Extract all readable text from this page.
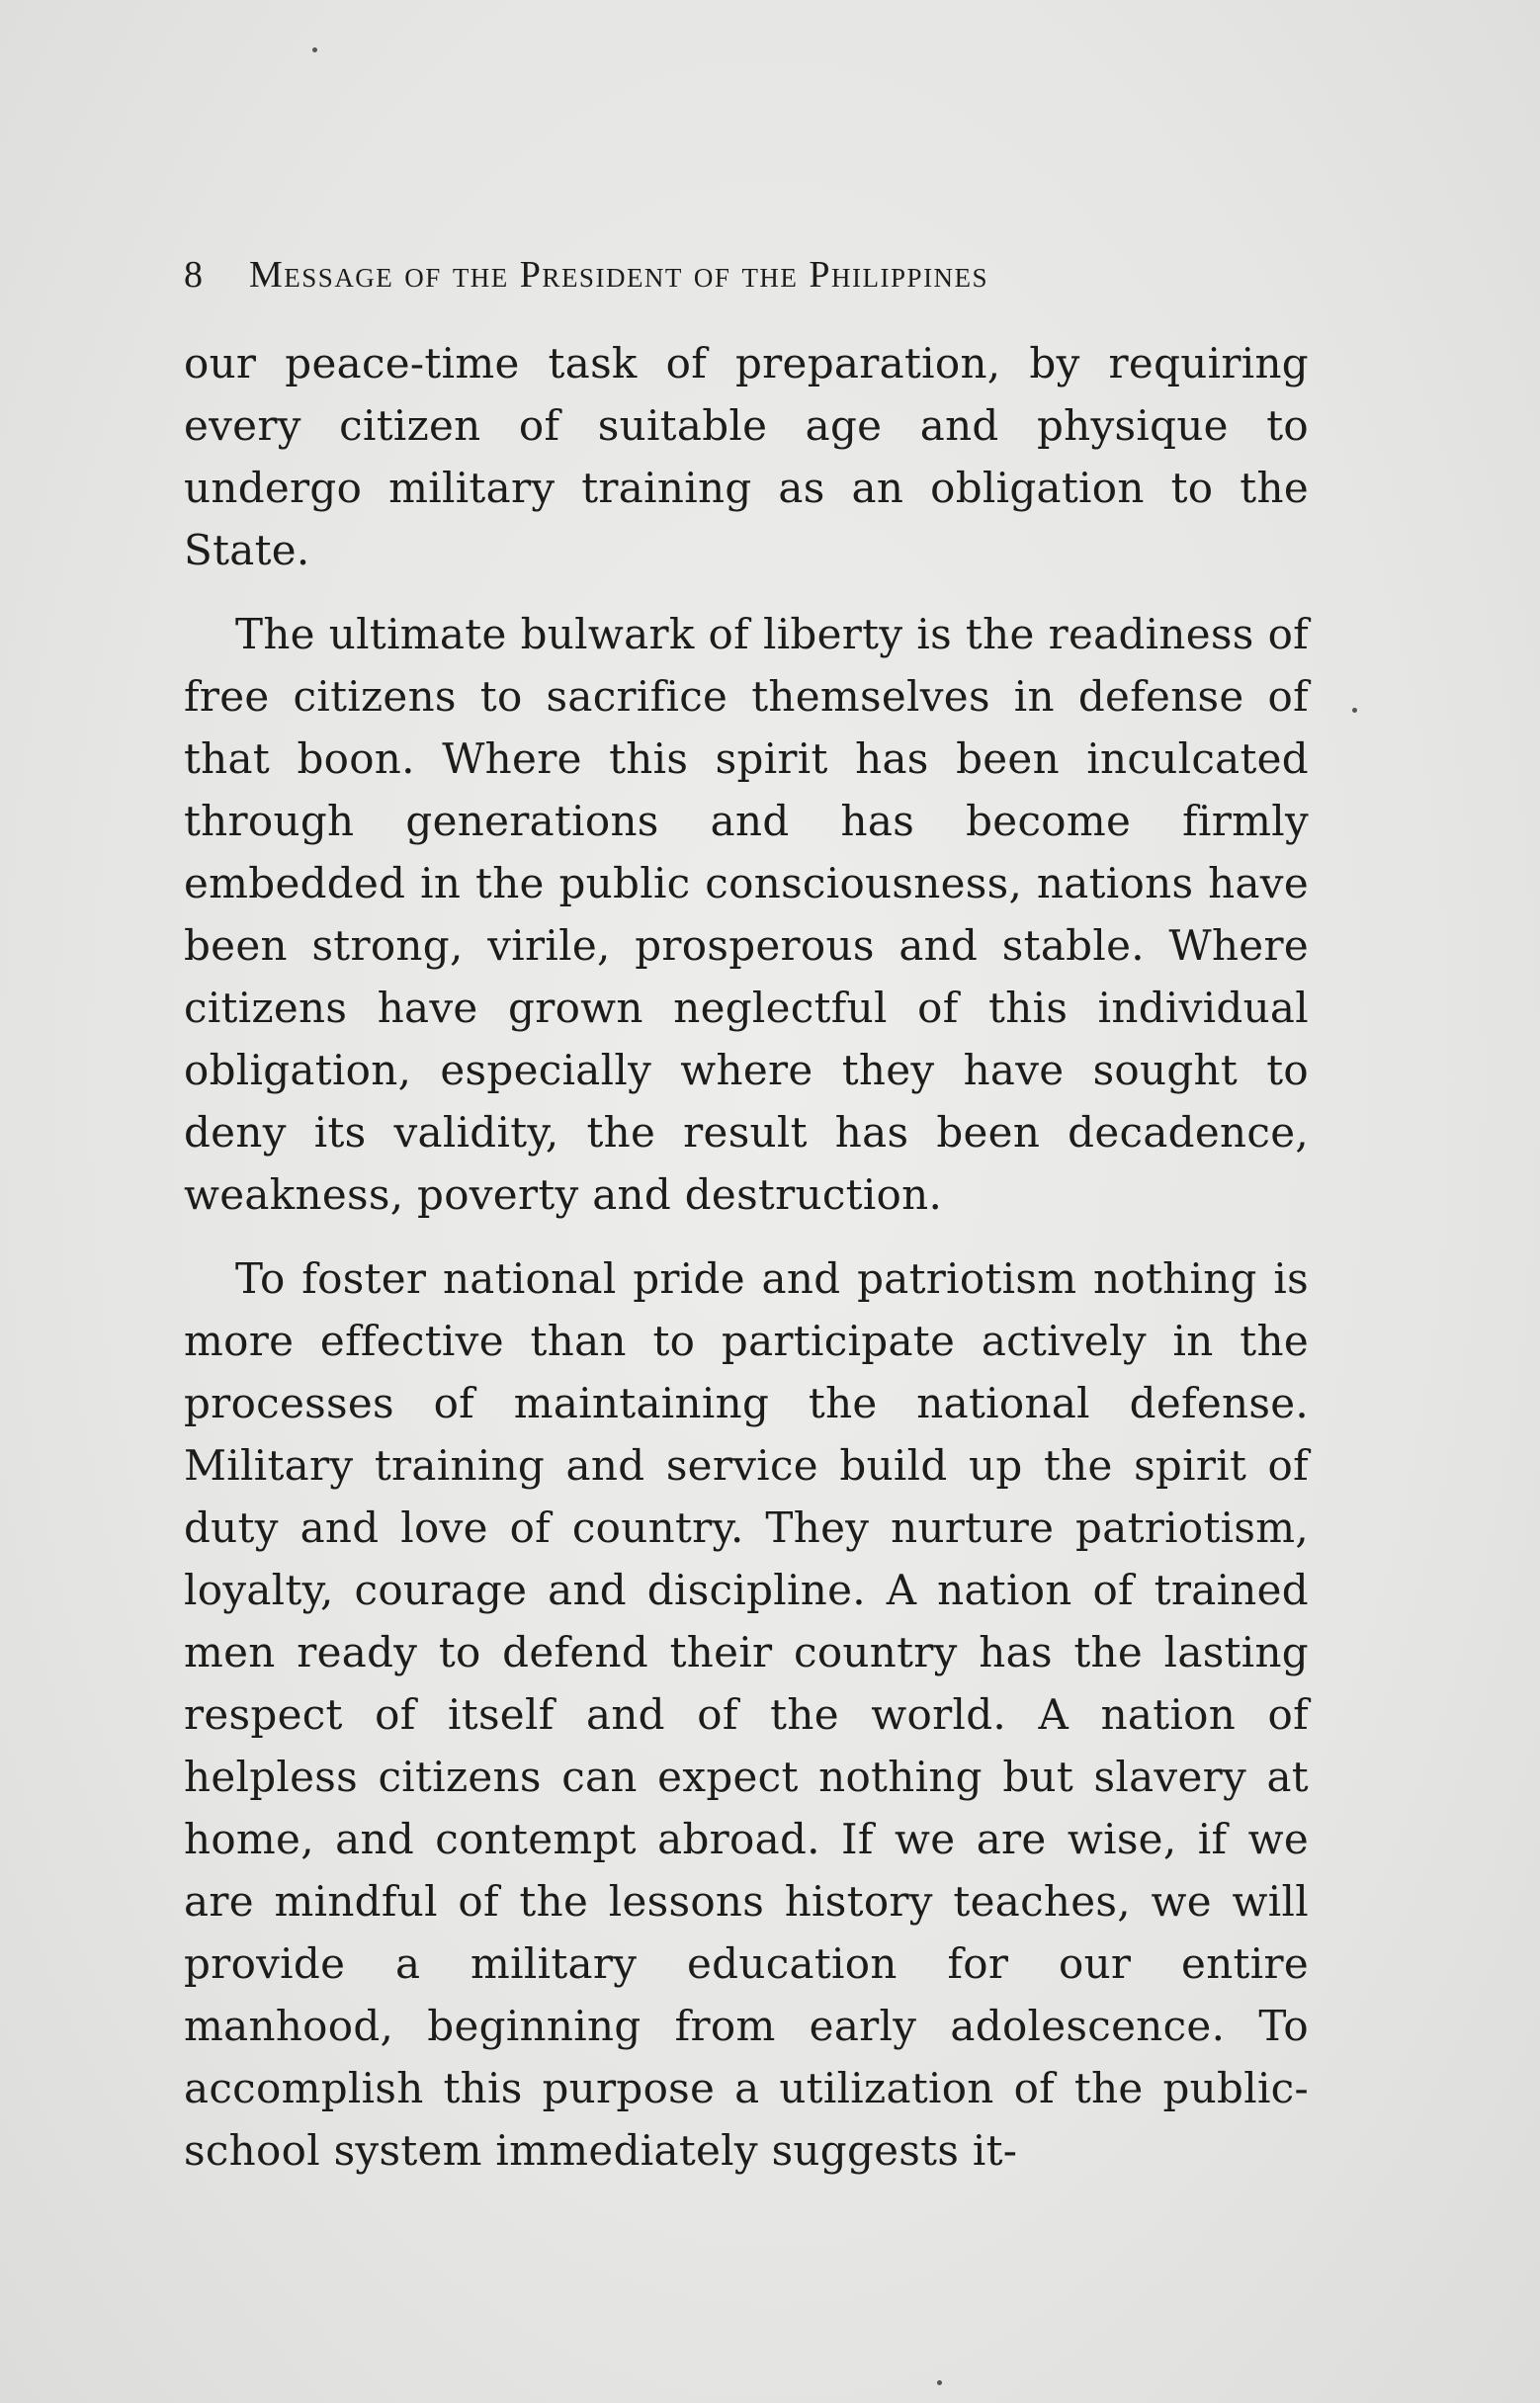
8 Message of the President of the Philippines

our peace-time task of preparation, by requiring every citizen of suitable age and physique to undergo military training as an obligation to the State.

The ultimate bulwark of liberty is the readiness of free citizens to sacrifice themselves in defense of that boon. Where this spirit has been inculcated through generations and has become firmly embedded in the public consciousness, nations have been strong, virile, prosperous and stable. Where citizens have grown neglectful of this individual obligation, especially where they have sought to deny its validity, the result has been decadence, weakness, poverty and destruction.

To foster national pride and patriotism nothing is more effective than to participate actively in the processes of maintaining the national defense. Military training and service build up the spirit of duty and love of country. They nurture patriotism, loyalty, courage and discipline. A nation of trained men ready to defend their country has the lasting respect of itself and of the world. A nation of helpless citizens can expect nothing but slavery at home, and contempt abroad. If we are wise, if we are mindful of the lessons history teaches, we will provide a military education for our entire manhood, beginning from early adolescence. To accomplish this purpose a utilization of the public-school system immediately suggests it-
